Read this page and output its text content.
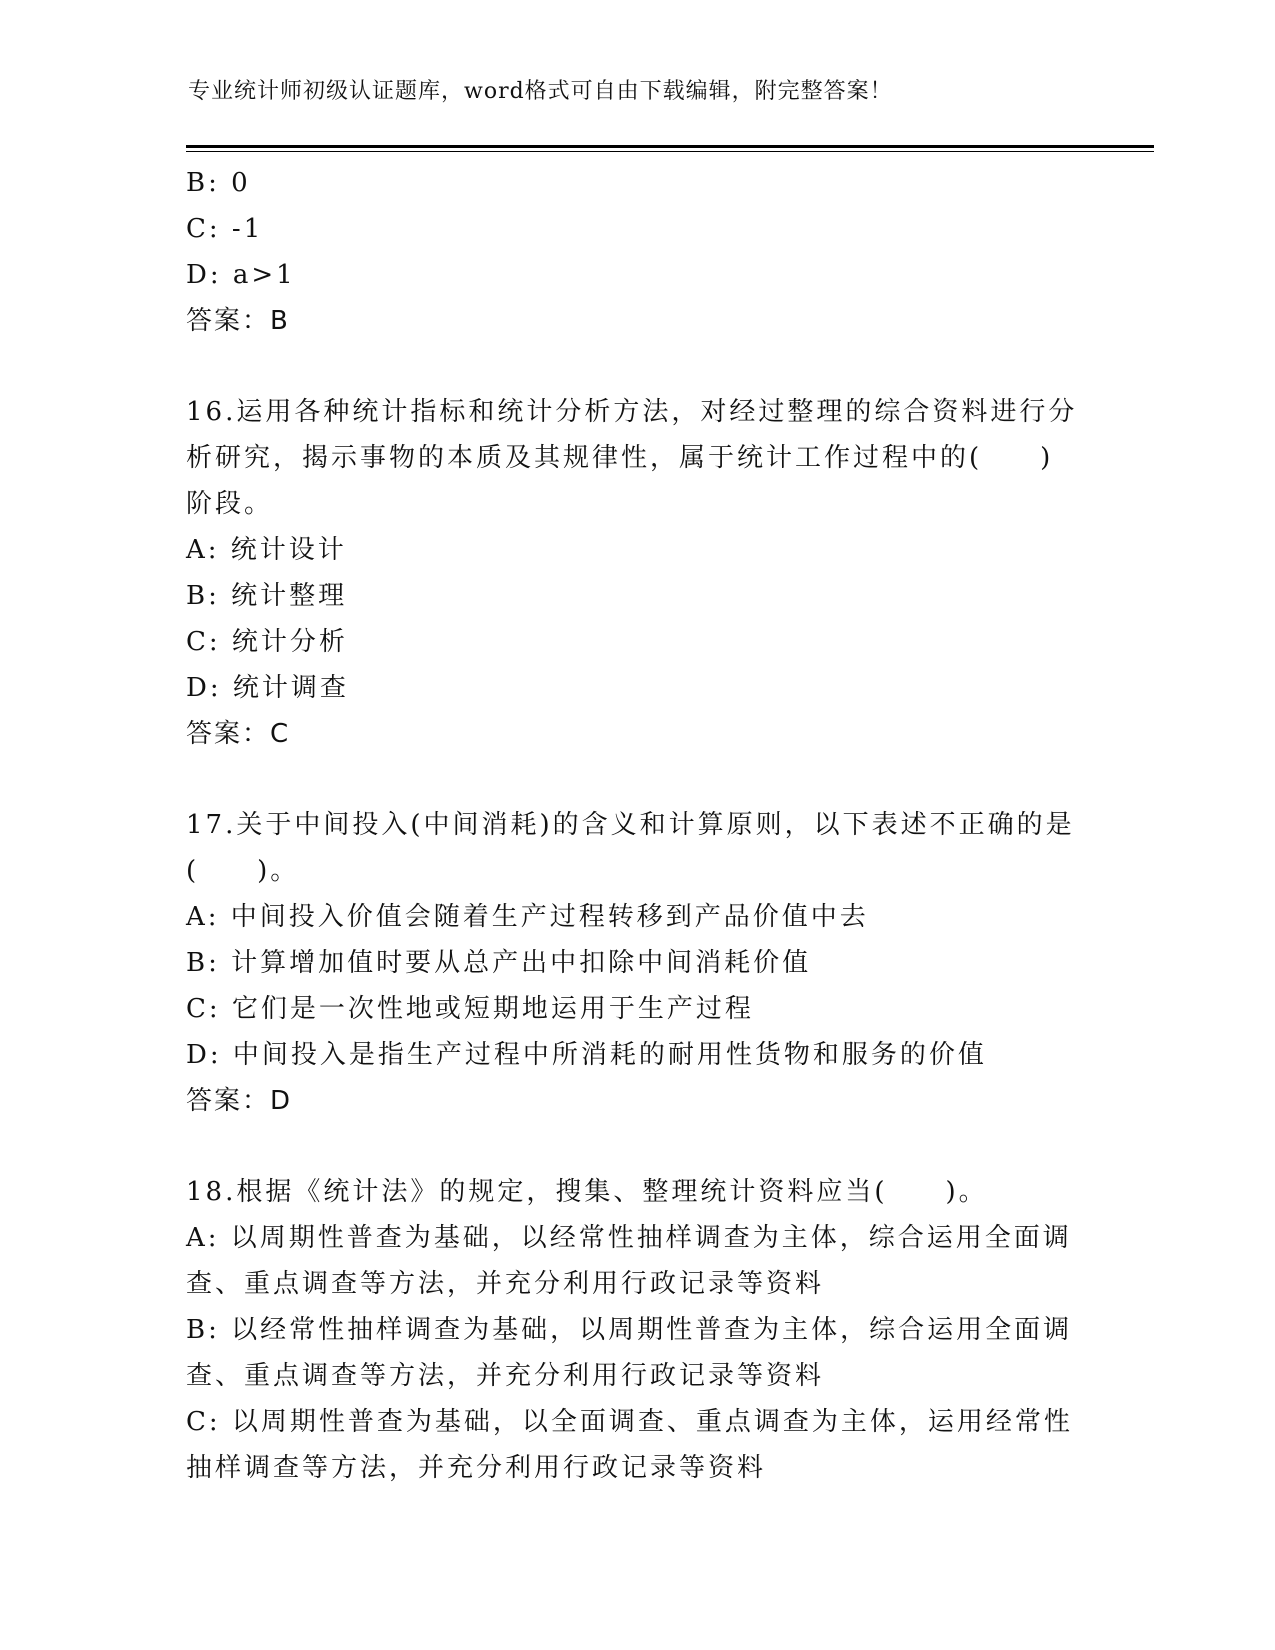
专业统计师初级认证题库，word格式可自由下载编辑，附完整答案！
B: 0
C: -1
D: a>1
答案：B
16.运用各种统计指标和统计分析方法，对经过整理的综合资料进行分
析研究，揭示事物的本质及其规律性，属于统计工作过程中的(　　)
阶段。
A: 统计设计
B: 统计整理
C: 统计分析
D: 统计调查
答案：C
17.关于中间投入(中间消耗)的含义和计算原则，以下表述不正确的是
(　　)。
A: 中间投入价值会随着生产过程转移到产品价值中去
B: 计算增加值时要从总产出中扣除中间消耗价值
C: 它们是一次性地或短期地运用于生产过程
D: 中间投入是指生产过程中所消耗的耐用性货物和服务的价值
答案：D
18.根据《统计法》的规定，搜集、整理统计资料应当(　　)。
A: 以周期性普查为基础，以经常性抽样调查为主体，综合运用全面调
查、重点调查等方法，并充分利用行政记录等资料
B: 以经常性抽样调查为基础，以周期性普查为主体，综合运用全面调
查、重点调查等方法，并充分利用行政记录等资料
C: 以周期性普查为基础，以全面调查、重点调查为主体，运用经常性
抽样调查等方法，并充分利用行政记录等资料
